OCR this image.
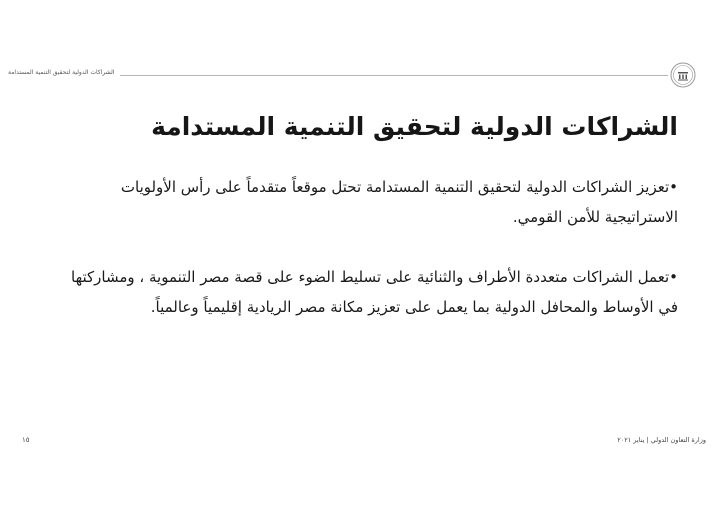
الشراكات الدولية لتحقيق التنمية المستدامة
الشراكات الدولية لتحقيق التنمية المستدامة
•تعزيز الشراكات الدولية لتحقيق التنمية المستدامة تحتل موقعاً متقدماً على رأس الأولويات الاستراتيجية للأمن القومي.
•تعمل الشراكات متعددة الأطراف والثنائية على تسليط الضوء على قصة مصر التنموية ، ومشاركتها في الأوساط والمحافل الدولية بما يعمل على تعزيز مكانة مصر الريادية إقليمياً وعالمياً.
١٥	وزارة التعاون الدولي | يناير ٢٠٢١
